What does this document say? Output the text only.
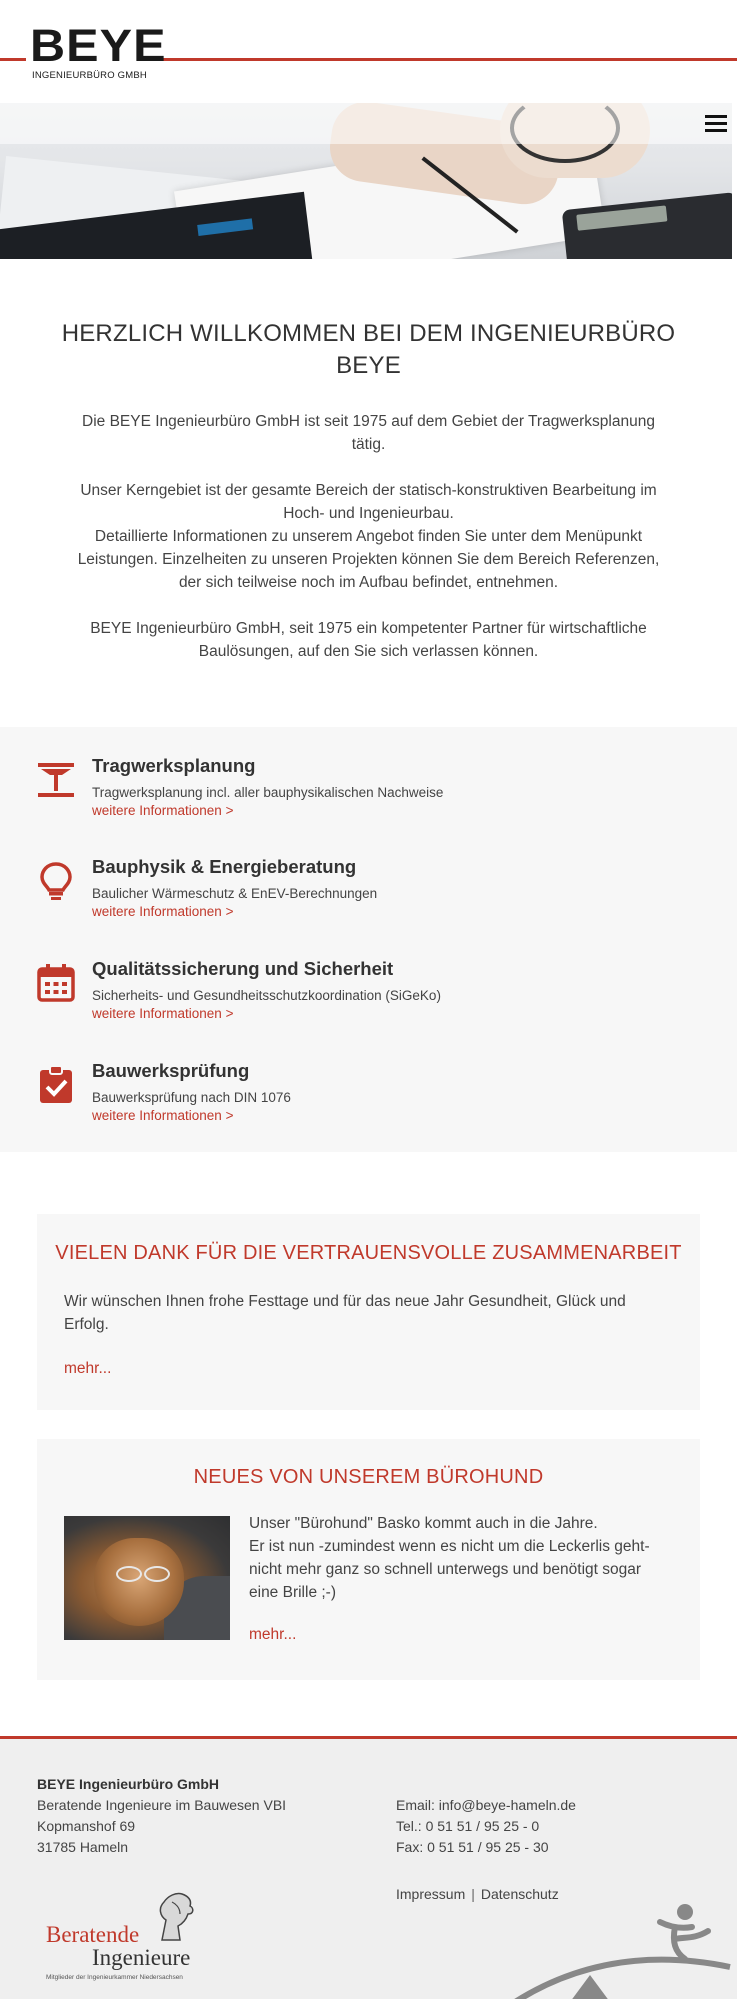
BEYE
INGENIEURBÜRO GMBH
HERZLICH WILLKOMMEN BEI DEM INGENIEURBÜRO
BEYE
Die BEYE Ingenieurbüro GmbH ist seit 1975 auf dem Gebiet der Tragwerksplanung
tätig.
Unser Kerngebiet ist der gesamte Bereich der statisch-konstruktiven Bearbeitung im
Hoch- und Ingenieurbau.
Detaillierte Informationen zu unserem Angebot finden Sie unter dem Menüpunkt
Leistungen. Einzelheiten zu unseren Projekten können Sie dem Bereich Referenzen,
der sich teilweise noch im Aufbau befindet, entnehmen.
BEYE Ingenieurbüro GmbH, seit 1975 ein kompetenter Partner für wirtschaftliche
Baulösungen, auf den Sie sich verlassen können.
Tragwerksplanung
Tragwerksplanung incl. aller bauphysikalischen Nachweise
weitere Informationen >
Bauphysik & Energieberatung
Baulicher Wärmeschutz & EnEV-Berechnungen
weitere Informationen >
Qualitätssicherung und Sicherheit
Sicherheits- und Gesundheitsschutzkoordination (SiGeKo)
weitere Informationen >
Bauwerksprüfung
Bauwerksprüfung nach DIN 1076
weitere Informationen >
VIELEN DANK FÜR DIE VERTRAUENSVOLLE ZUSAMMENARBEIT
Wir wünschen Ihnen frohe Festtage und für das neue Jahr Gesundheit, Glück und
Erfolg.
mehr...
NEUES VON UNSEREM BÜROHUND
Unser "Bürohund" Basko kommt auch in die Jahre.
Er ist nun -zumindest wenn es nicht um die Leckerlis geht-
nicht mehr ganz so schnell unterwegs und benötigt sogar
eine Brille ;-)
mehr...
BEYE Ingenieurbüro GmbH
Beratende Ingenieure im Bauwesen VBI
Kopmanshof 69
31785 Hameln
Email: info@beye-hameln.de
Tel.: 0 51 51 / 95 25 - 0
Fax: 0 51 51 / 95 25 - 30
Impressum | Datenschutz
Beratende
Ingenieure
Mitglieder der Ingenieurkammer Niedersachsen
